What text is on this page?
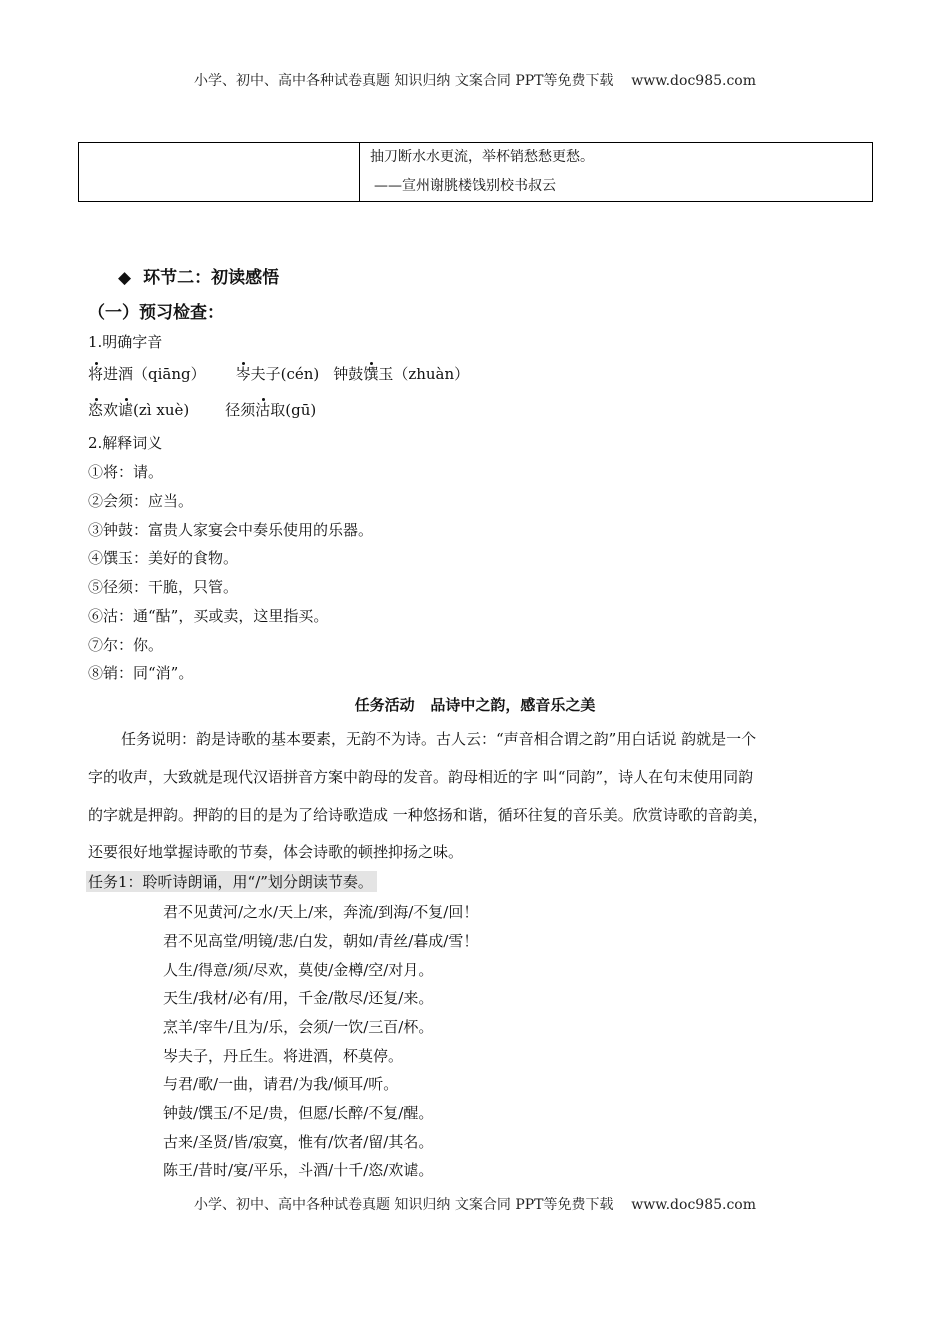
小学、初中、高中各种试卷真题 知识归纳 文案合同 PPT等免费下载    www.doc985.com

抽刀断水水更流，举杯销愁愁更愁。
——宣州谢朓楼饯别校书叔云
◆ 环节二：初读感悟
（一）预习检查：
1.明确字音
将进酒（qiāng） 岑夫子(cén) 钟鼓馔玉（zhuàn）
恣欢谑(zì xuè) 径须沽取(gū)
2.解释词义
①将：请。
②会须：应当。
③钟鼓：富贵人家宴会中奏乐使用的乐器。
④馔玉：美好的食物。
⑤径须：干脆，只管。
⑥沽：通“酤”，买或卖，这里指买。
⑦尔：你。
⑧销：同“消”。
任务活动   品诗中之韵，感音乐之美
任务说明：韵是诗歌的基本要素，无韵不为诗。古人云：“声音相合谓之韵”用白话说 韵就是一个
字的收声，大致就是现代汉语拼音方案中韵母的发音。韵母相近的字 叫“同韵”，诗人在句末使用同韵
的字就是押韵。押韵的目的是为了给诗歌造成 一种悠扬和谐，循环往复的音乐美。欣赏诗歌的音韵美，
还要很好地掌握诗歌的节奏，体会诗歌的顿挫抑扬之味。
任务1：聆听诗朗诵，用“/”划分朗读节奏。
君不见黄河/之水/天上/来，奔流/到海/不复/回！
君不见高堂/明镜/悲/白发，朝如/青丝/暮成/雪！
人生/得意/须/尽欢，莫使/金樽/空/对月。
天生/我材/必有/用，千金/散尽/还复/来。
烹羊/宰牛/且为/乐，会须/一饮/三百/杯。
岑夫子，丹丘生。将进酒，杯莫停。
与君/歌/一曲，请君/为我/倾耳/听。
钟鼓/馔玉/不足/贵，但愿/长醉/不复/醒。
古来/圣贤/皆/寂寞，惟有/饮者/留/其名。
陈王/昔时/宴/平乐，斗酒/十千/恣/欢谑。
小学、初中、高中各种试卷真题 知识归纳 文案合同 PPT等免费下载    www.doc985.com
